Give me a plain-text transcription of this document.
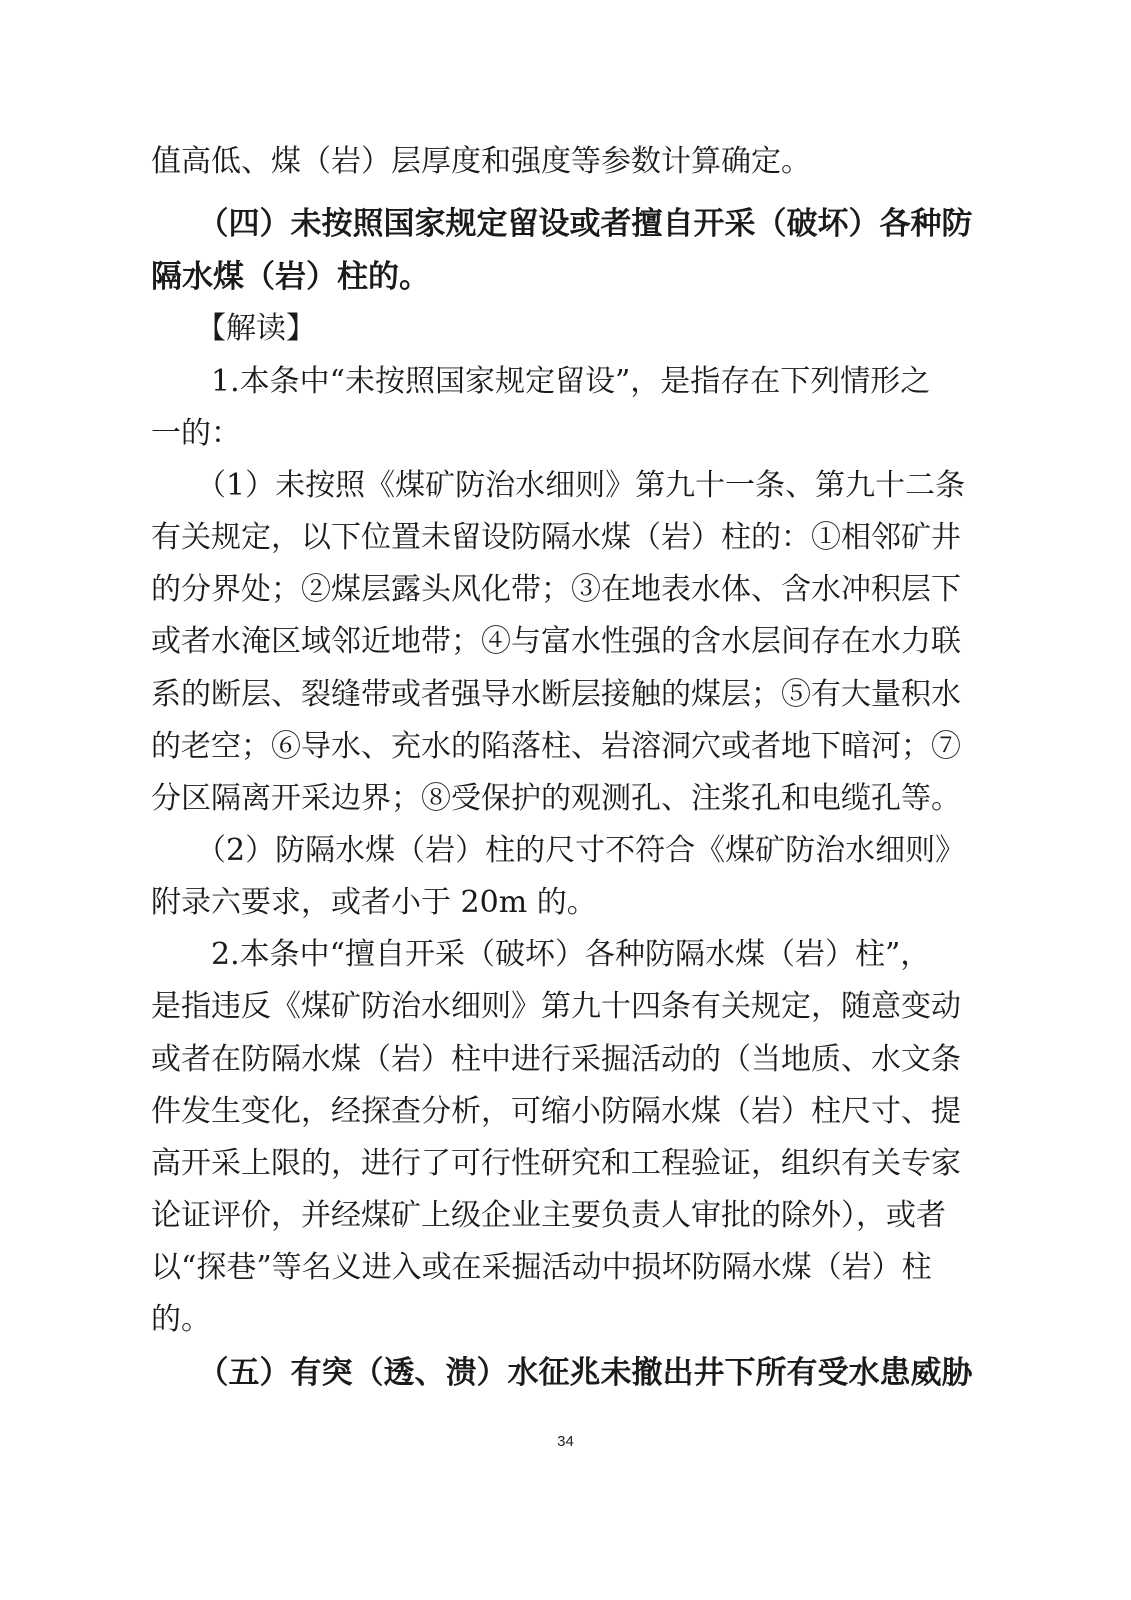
值高低、煤（岩）层厚度和强度等参数计算确定。
　　（四）未按照国家规定留设或者擅自开采（破坏）各种防
隔水煤（岩）柱的。
　　【解读】
　　1.本条中“未按照国家规定留设”，是指存在下列情形之
一的：
　　（1）未按照《煤矿防治水细则》第九十一条、第九十二条
有关规定，以下位置未留设防隔水煤（岩）柱的：①相邻矿井
的分界处；②煤层露头风化带；③在地表水体、含水冲积层下
或者水淹区域邻近地带；④与富水性强的含水层间存在水力联
系的断层、裂缝带或者强导水断层接触的煤层；⑤有大量积水
的老空；⑥导水、充水的陷落柱、岩溶洞穴或者地下暗河；⑦
分区隔离开采边界；⑧受保护的观测孔、注浆孔和电缆孔等。
　　（2）防隔水煤（岩）柱的尺寸不符合《煤矿防治水细则》
附录六要求，或者小于 20m 的。
　　2.本条中“擅自开采（破坏）各种防隔水煤（岩）柱”，
是指违反《煤矿防治水细则》第九十四条有关规定，随意变动
或者在防隔水煤（岩）柱中进行采掘活动的（当地质、水文条
件发生变化，经探查分析，可缩小防隔水煤（岩）柱尺寸、提
高开采上限的，进行了可行性研究和工程验证，组织有关专家
论证评价，并经煤矿上级企业主要负责人审批的除外），或者
以“探巷”等名义进入或在采掘活动中损坏防隔水煤（岩）柱
的。
　　（五）有突（透、溃）水征兆未撤出井下所有受水患威胁
34
